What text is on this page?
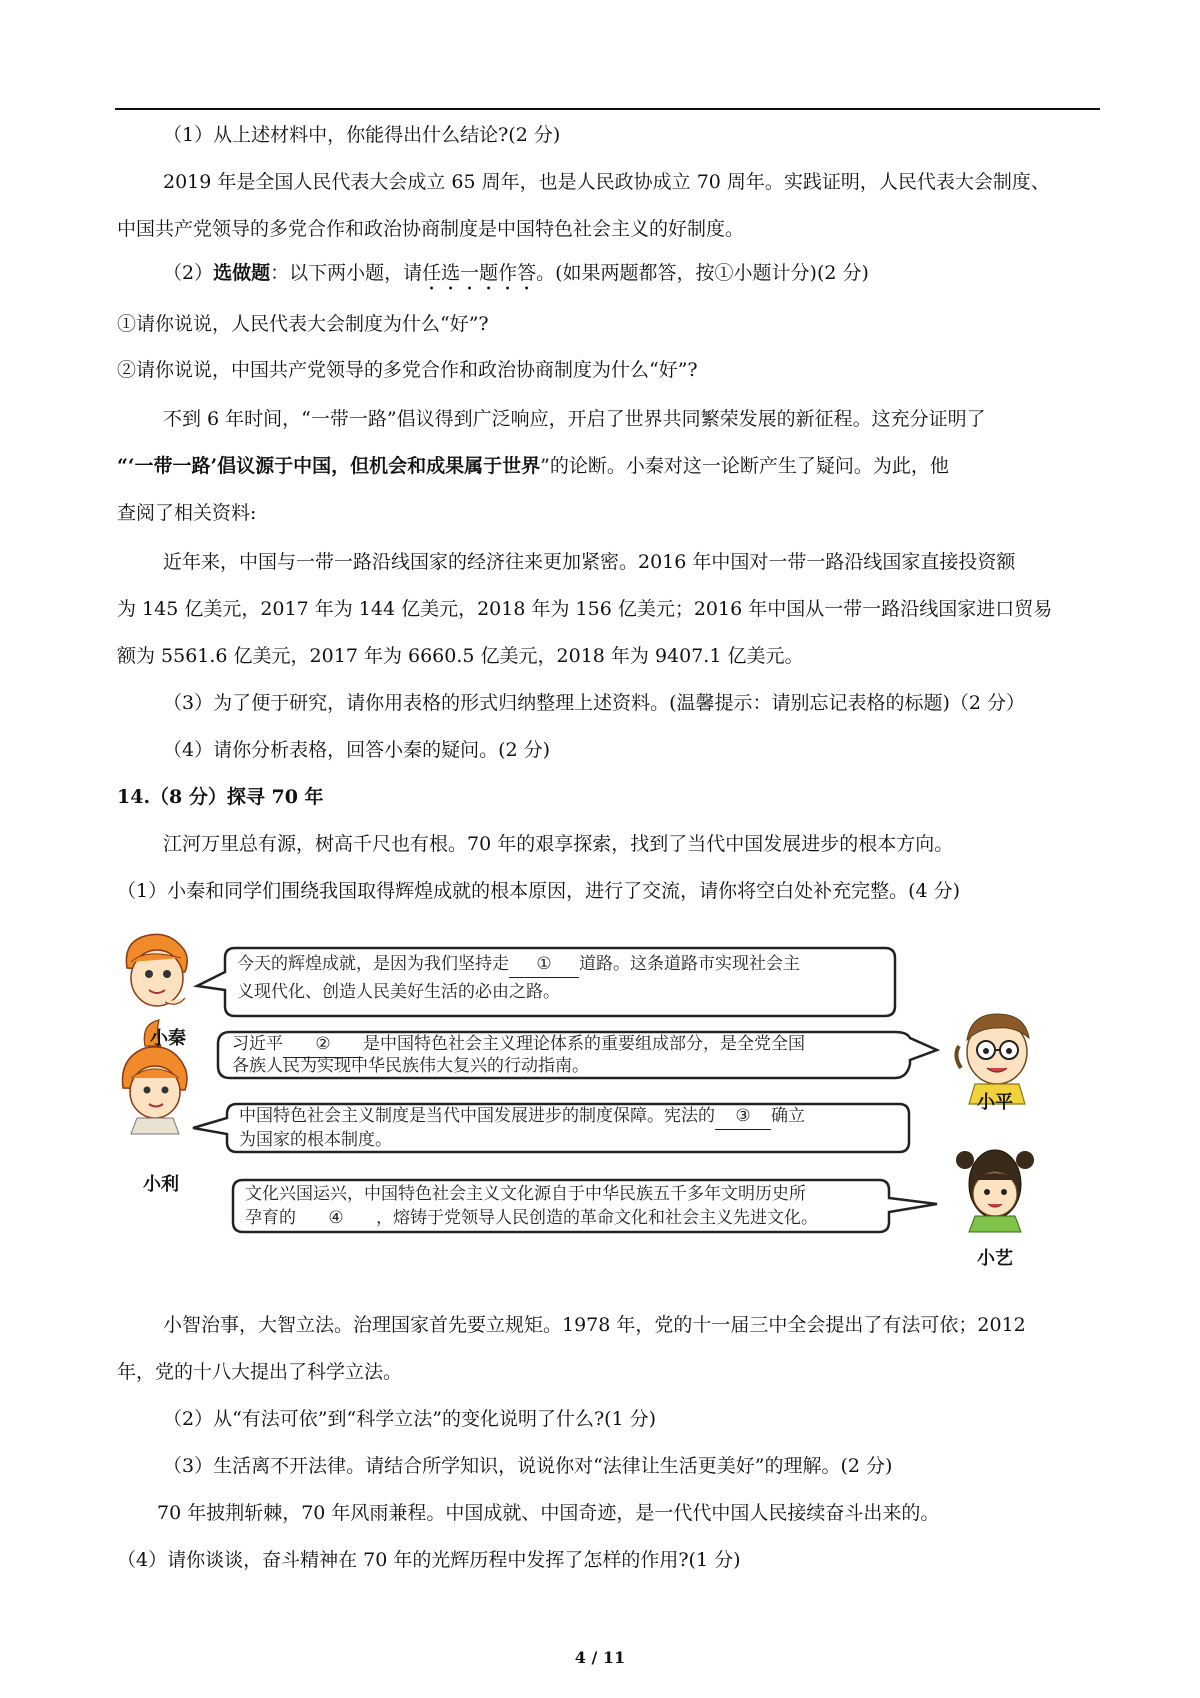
（1）从上述材料中，你能得出什么结论?(2 分)
2019 年是全国人民代表大会成立 65 周年，也是人民政协成立 70 周年。实践证明，人民代表大会制度、
中国共产党领导的多党合作和政治协商制度是中国特色社会主义的好制度。
（2）选做题：以下两小题，请任选一题作答。(如果两题都答，按①小题计分)(2 分)
①请你说说，人民代表大会制度为什么“好”?
②请你说说，中国共产党领导的多党合作和政治协商制度为什么“好”?
不到 6 年时间，“一带一路”倡议得到广泛响应，开启了世界共同繁荣发展的新征程。这充分证明了
“‘一带一路’倡议源于中国，但机会和成果属于世界”的论断。小秦对这一论断产生了疑问。为此，他
查阅了相关资料:
近年来，中国与一带一路沿线国家的经济往来更加紧密。2016 年中国对一带一路沿线国家直接投资额
为 145 亿美元，2017 年为 144 亿美元，2018 年为 156 亿美元；2016 年中国从一带一路沿线国家进口贸易
额为 5561.6 亿美元，2017 年为 6660.5 亿美元，2018 年为 9407.1 亿美元。
（3）为了便于研究，请你用表格的形式归纳整理上述资料。(温馨提示：请别忘记表格的标题)（2 分）
（4）请你分析表格，回答小秦的疑问。(2 分)
14.（8 分）探寻 70 年
江河万里总有源，树高千尺也有根。70 年的艰享探索，找到了当代中国发展进步的根本方向。
（1）小秦和同学们围绕我国取得辉煌成就的根本原因，进行了交流，请你将空白处补充完整。(4 分)
今天的辉煌成就，是因为我们坚持走 ① 道路。这条道路市实现社会主
义现代化、创造人民美好生活的必由之路。
习近平 ② 是中国特色社会主义理论体系的重要组成部分，是全党全国
各族人民为实现中华民族伟大复兴的行动指南。
中国特色社会主义制度是当代中国发展进步的制度保障。宪法的 ③ 确立
为国家的根本制度。
文化兴国运兴，中国特色社会主义文化源自于中华民族五千多年文明历史所
孕育的 ④ ，熔铸于党领导人民创造的革命文化和社会主义先进文化。
小秦
小平
小利
小艺
小智治事，大智立法。治理国家首先要立规矩。1978 年，党的十一届三中全会提出了有法可依；2012
年，党的十八大提出了科学立法。
（2）从“有法可依”到“科学立法”的变化说明了什么?(1 分)
（3）生活离不开法律。请结合所学知识，说说你对“法律让生活更美好”的理解。(2 分)
70 年披荆斩棘，70 年风雨兼程。中国成就、中国奇迹，是一代代中国人民接续奋斗出来的。
（4）请你谈谈，奋斗精神在 70 年的光辉历程中发挥了怎样的作用?(1 分)
4 / 11
